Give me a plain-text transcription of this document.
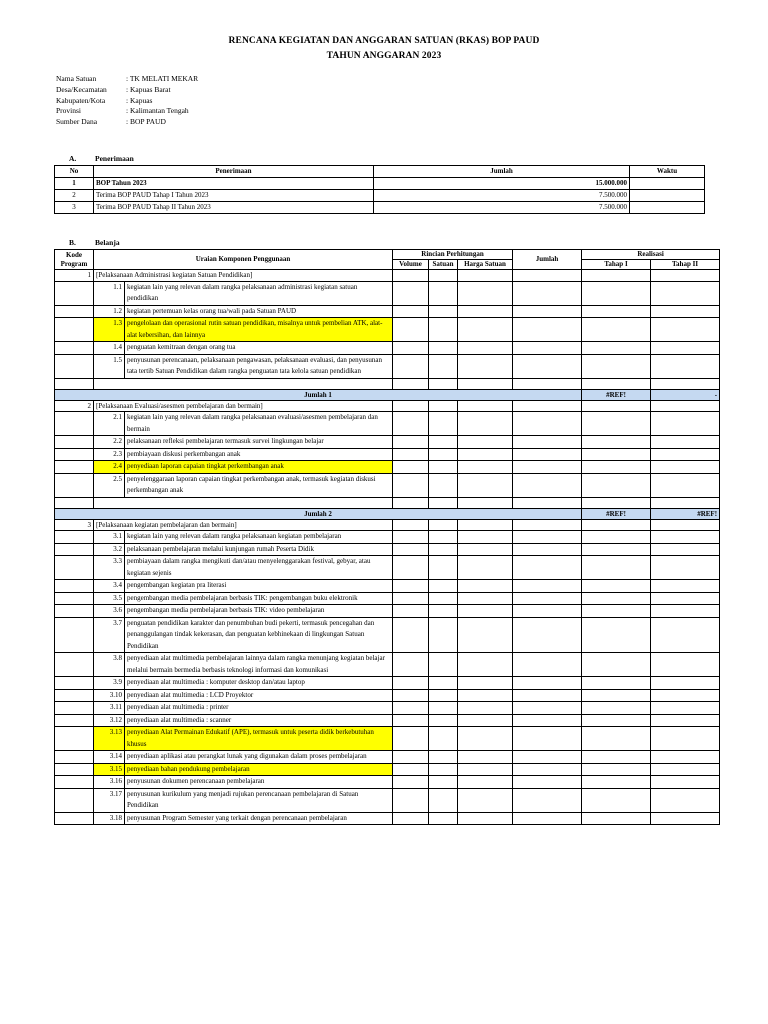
RENCANA KEGIATAN DAN ANGGARAN SATUAN (RKAS) BOP PAUD
TAHUN ANGGARAN 2023
Nama Satuan	: TK MELATI MEKAR
Desa/Kecamatan	: Kapuas Barat
Kabupaten/Kota	: Kapuas
Provinsi	: Kalimantan Tengah
Sumber Dana	: BOP PAUD
A. Penerimaan
No	Penerimaan	Jumlah	Waktu
1	BOP Tahun 2023	15.000.000	
2	Terima BOP PAUD Tahap I Tahun 2023	7.500.000	
3	Terima BOP PAUD Tahap II Tahun 2023	7.500.000	
B.	Belanja
Kode Program	Uraian Komponen Penggunaan		Rincian Perhitungan			Jumlah	Realisasi	
			Volume	Satuan	Harga Satuan		Tahap I	Tahap II
1	[Pelaksanaan Administrasi kegiatan Satuan Pendidikan]							
	1.1	kegiatan lain yang relevan dalam rangka pelaksanaan administrasi kegiatan satuan pendidikan						
	1.2	kegiatan pertemuan kelas orang tua/wali pada Satuan PAUD						
	1.3	pengelolaan dan operasional rutin satuan pendidikan, misalnya untuk pembelian ATK, alat-alat kebersihan, dan lainnya						
	1.4	penguatan kemitraan dengan orang tua						
	1.5	penyusunan perencanaan, pelaksanaan pengawasan, pelaksanaan evaluasi, dan penyusunan tata tertib Satuan Pendidikan dalam rangka penguatan tata kelola satuan pendidikan						

Jumlah 1							#REF!	-
2	[Pelaksanaan Evaluasi/asesmen pembelajaran dan bermain]							
	2.1	kegiatan lain yang relevan dalam rangka pelaksanaan evaluasi/asesmen pembelajaran dan bermain						
	2.2	pelaksanaan refleksi pembelajaran termasuk survei lingkungan belajar						
	2.3	pembiayaan diskusi perkembangan anak						
	2.4	penyediaan laporan capaian tingkat perkembangan anak						
	2.5	penyelenggaraan laporan capaian tingkat perkembangan anak, termasuk kegiatan diskusi perkembangan anak						

Jumlah 2							#REF!	#REF!
3	[Pelaksanaan kegiatan pembelajaran dan bermain]							
	3.1	kegiatan lain yang relevan dalam rangka pelaksanaan kegiatan pembelajaran						
	3.2	pelaksanaan pembelajaran melalui kunjungan rumah Peserta Didik						
	3.3	pembiayaan dalam rangka mengikuti dan/atau menyelenggarakan festival, gebyar, atau kegiatan sejenis						
	3.4	pengembangan kegiatan pra literasi						
	3.5	pengembangan media pembelajaran berbasis TIK: pengembangan buku elektronik						
	3.6	pengembangan media pembelajaran berbasis TIK: video pembelajaran						
	3.7	penguatan pendidikan karakter dan penumbuhan budi pekerti, termasuk pencegahan dan penanggulangan tindak kekerasan, dan penguatan kebhinekaan di lingkungan Satuan Pendidikan						
	3.8	penyediaan alat multimedia pembelajaran lainnya dalam rangka menunjang kegiatan belajar melalui bermain bermedia berbasis teknologi informasi dan komunikasi						
	3.9	penyediaan alat multimedia : komputer desktop dan/atau laptop						
	3.10	penyediaan alat multimedia : LCD Proyektor						
	3.11	penyediaan alat multimedia : printer						
	3.12	penyediaan alat multimedia : scanner						
	3.13	penyediaan Alat Permainan Edukatif (APE), termasuk untuk peserta didik berkebutuhan khusus						
	3.14	penyediaan aplikasi atau perangkat lunak yang digunakan dalam proses pembelajaran						
	3.15	penyediaan bahan pendukung pembelajaran						
	3.16	penyusunan dokumen perencanaan pembelajaran						
	3.17	penyusunan kurikulum yang menjadi rujukan perencanaan pembelajaran di Satuan Pendidikan						
	3.18	penyusunan Program Semester yang terkait dengan perencanaan pembelajaran						
